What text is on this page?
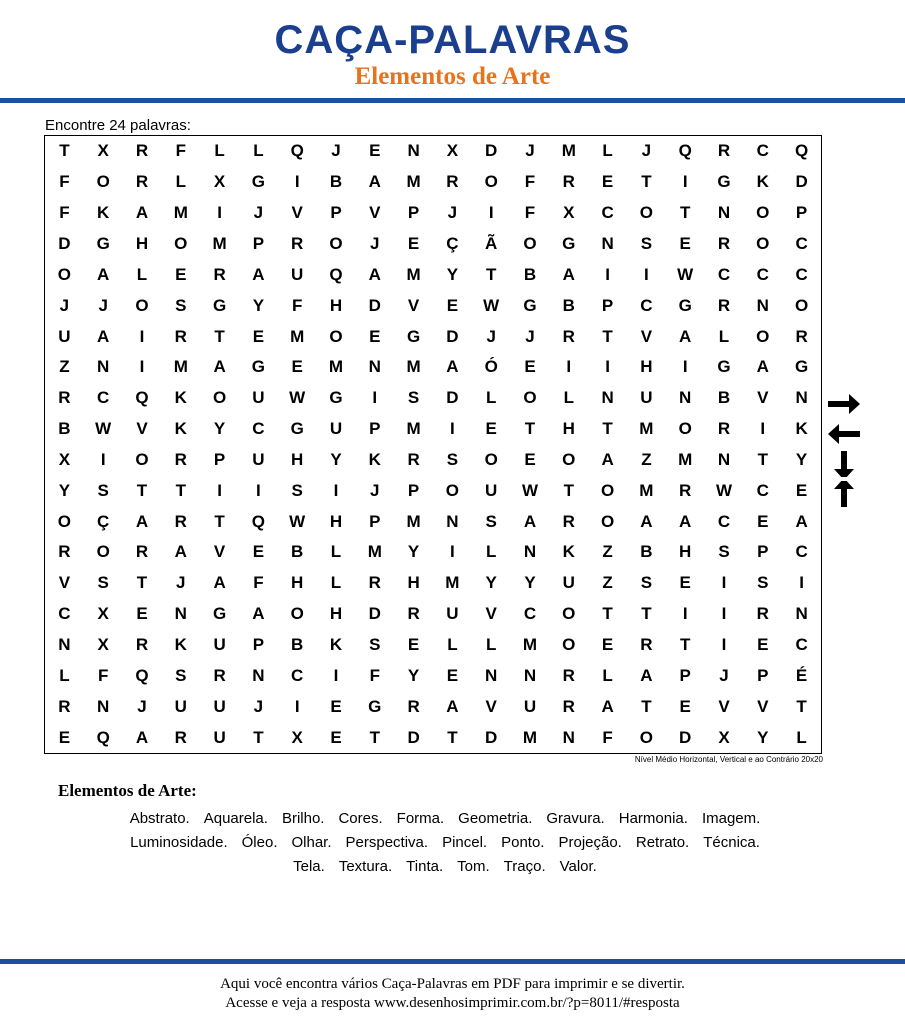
CAÇA-PALAVRAS
Elementos de Arte
Encontre 24 palavras:
T	X	R	F	L	L	Q	J	E	N	X	D	J	M	L	J	Q	R	C	Q
F	O	R	L	X	G	I	B	A	M	R	O	F	R	E	T	I	G	K	D
F	K	A	M	I	J	V	P	V	P	J	I	F	X	C	O	T	N	O	P
D	G	H	O	M	P	R	O	J	E	Ç	Ã	O	G	N	S	E	R	O	C
O	A	L	E	R	A	U	Q	A	M	Y	T	B	A	I	I	W	C	C	C
J	J	O	S	G	Y	F	H	D	V	E	W	G	B	P	C	G	R	N	O
U	A	I	R	T	E	M	O	E	G	D	J	J	R	T	V	A	L	O	R
Z	N	I	M	A	G	E	M	N	M	A	Ó	E	I	I	H	I	G	A	G
R	C	Q	K	O	U	W	G	I	S	D	L	O	L	N	U	N	B	V	N
B	W	V	K	Y	C	G	U	P	M	I	E	T	H	T	M	O	R	I	K
X	I	O	R	P	U	H	Y	K	R	S	O	E	O	A	Z	M	N	T	Y
Y	S	T	T	I	I	S	I	J	P	O	U	W	T	O	M	R	W	C	E
O	Ç	A	R	T	Q	W	H	P	M	N	S	A	R	O	A	A	C	E	A
R	O	R	A	V	E	B	L	M	Y	I	L	N	K	Z	B	H	S	P	C
V	S	T	J	A	F	H	L	R	H	M	Y	Y	U	Z	S	E	I	S	I
C	X	E	N	G	A	O	H	D	R	U	V	C	O	T	T	I	I	R	N
N	X	R	K	U	P	B	K	S	E	L	L	M	O	E	R	T	I	E	C
L	F	Q	S	R	N	C	I	F	Y	E	N	N	R	L	A	P	J	P	É
R	N	J	U	U	J	I	E	G	R	A	V	U	R	A	T	E	V	V	T
E	Q	A	R	U	T	X	E	T	D	T	D	M	N	F	O	D	X	Y	L
Nível Médio Horizontal, Vertical e ao Contrário 20x20
Elementos de Arte:
Abstrato. Aquarela. Brilho. Cores. Forma. Geometria. Gravura. Harmonia. Imagem.
Luminosidade. Óleo. Olhar. Perspectiva. Pincel. Ponto. Projeção. Retrato. Técnica.
Tela. Textura. Tinta. Tom. Traço. Valor.
Aqui você encontra vários Caça-Palavras em PDF para imprimir e se divertir.
Acesse e veja a resposta www.desenhosimprimir.com.br/?p=8011/#resposta
